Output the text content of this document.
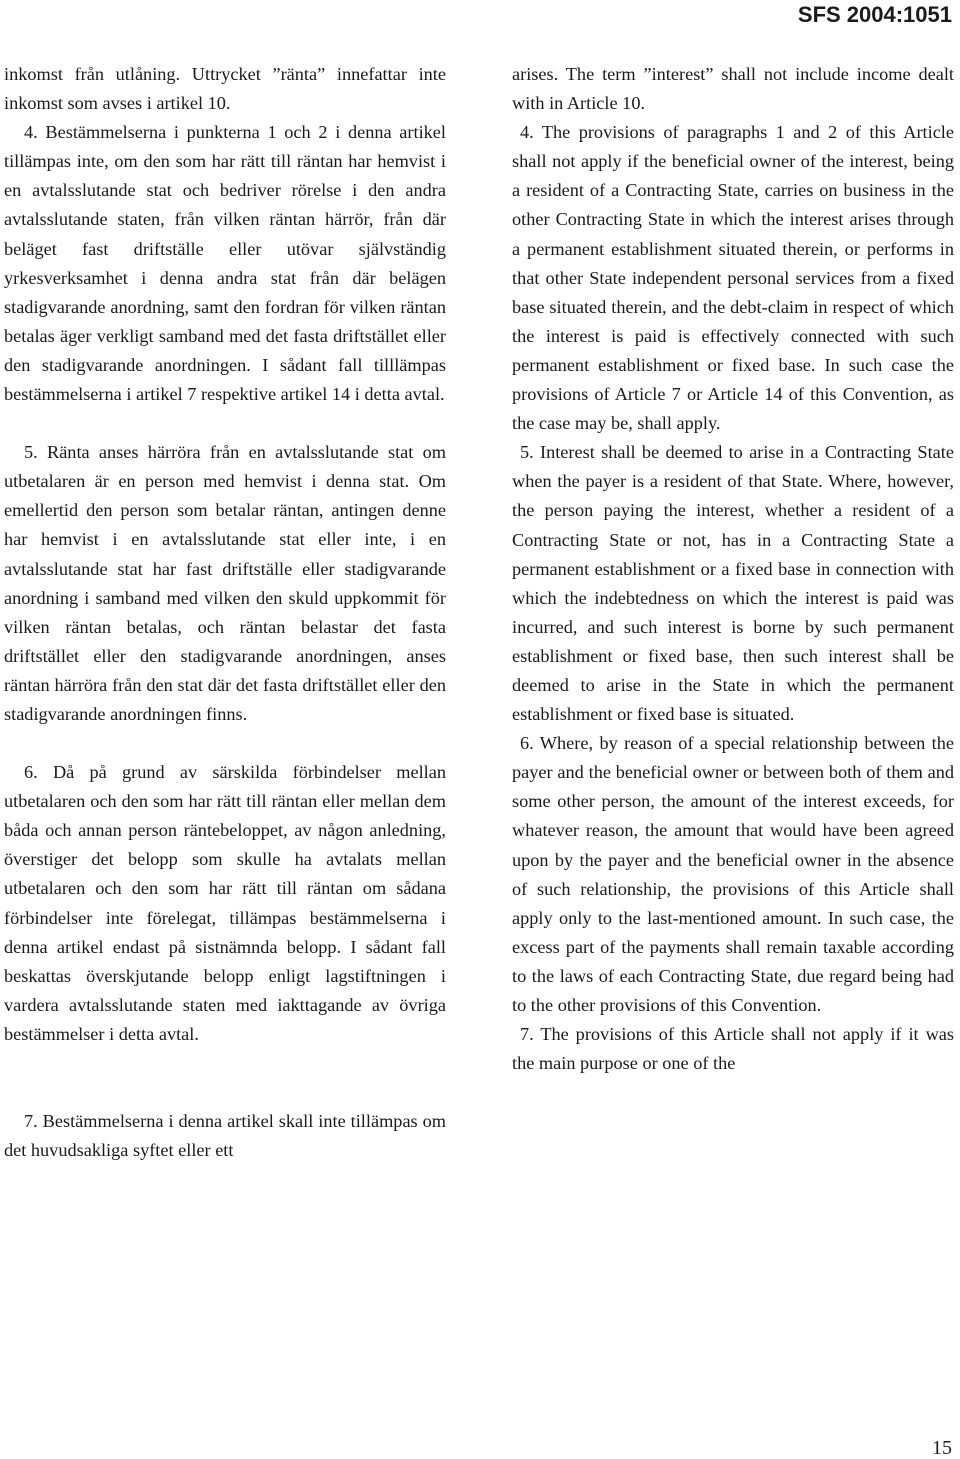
SFS 2004:1051

inkomst från utlåning. Uttrycket ”ränta” innefattar inte inkomst som avses i artikel 10.

4. Bestämmelserna i punkterna 1 och 2 i denna artikel tillämpas inte, om den som har rätt till räntan har hemvist i en avtalsslutande stat och bedriver rörelse i den andra avtalsslutande staten, från vilken räntan härrör, från där beläget fast driftställe eller utövar självständig yrkesverksamhet i denna andra stat från där belägen stadigvarande anordning, samt den fordran för vilken räntan betalas äger verkligt samband med det fasta driftstället eller den stadigvarande anordningen. I sådant fall tilllämpas bestämmelserna i artikel 7 respektive artikel 14 i detta avtal.

5. Ränta anses härröra från en avtalsslutande stat om utbetalaren är en person med hemvist i denna stat. Om emellertid den person som betalar räntan, antingen denne har hemvist i en avtalsslutande stat eller inte, i en avtalsslutande stat har fast driftställe eller stadigvarande anordning i samband med vilken den skuld uppkommit för vilken räntan betalas, och räntan belastar det fasta driftstället eller den stadigvarande anordningen, anses räntan härröra från den stat där det fasta driftstället eller den stadigvarande anordningen finns.

6. Då på grund av särskilda förbindelser mellan utbetalaren och den som har rätt till räntan eller mellan dem båda och annan person räntebeloppet, av någon anledning, överstiger det belopp som skulle ha avtalats mellan utbetalaren och den som har rätt till räntan om sådana förbindelser inte förelegat, tillämpas bestämmelserna i denna artikel endast på sistnämnda belopp. I sådant fall beskattas överskjutande belopp enligt lagstiftningen i vardera avtalsslutande staten med iakttagande av övriga bestämmelser i detta avtal.

7. Bestämmelserna i denna artikel skall inte tillämpas om det huvudsakliga syftet eller ett

arises. The term ”interest” shall not include income dealt with in Article 10.

4. The provisions of paragraphs 1 and 2 of this Article shall not apply if the beneficial owner of the interest, being a resident of a Contracting State, carries on business in the other Contracting State in which the interest arises through a permanent establishment situated therein, or performs in that other State independent personal services from a fixed base situated therein, and the debt-claim in respect of which the interest is paid is effectively connected with such permanent establishment or fixed base. In such case the provisions of Article 7 or Article 14 of this Convention, as the case may be, shall apply.

5. Interest shall be deemed to arise in a Contracting State when the payer is a resident of that State. Where, however, the person paying the interest, whether a resident of a Contracting State or not, has in a Contracting State a permanent establishment or a fixed base in connection with which the indebtedness on which the interest is paid was incurred, and such interest is borne by such permanent establishment or fixed base, then such interest shall be deemed to arise in the State in which the permanent establishment or fixed base is situated.

6. Where, by reason of a special relationship between the payer and the beneficial owner or between both of them and some other person, the amount of the interest exceeds, for whatever reason, the amount that would have been agreed upon by the payer and the beneficial owner in the absence of such relationship, the provisions of this Article shall apply only to the last-mentioned amount. In such case, the excess part of the payments shall remain taxable according to the laws of each Contracting State, due regard being had to the other provisions of this Convention.

7. The provisions of this Article shall not apply if it was the main purpose or one of the

15
